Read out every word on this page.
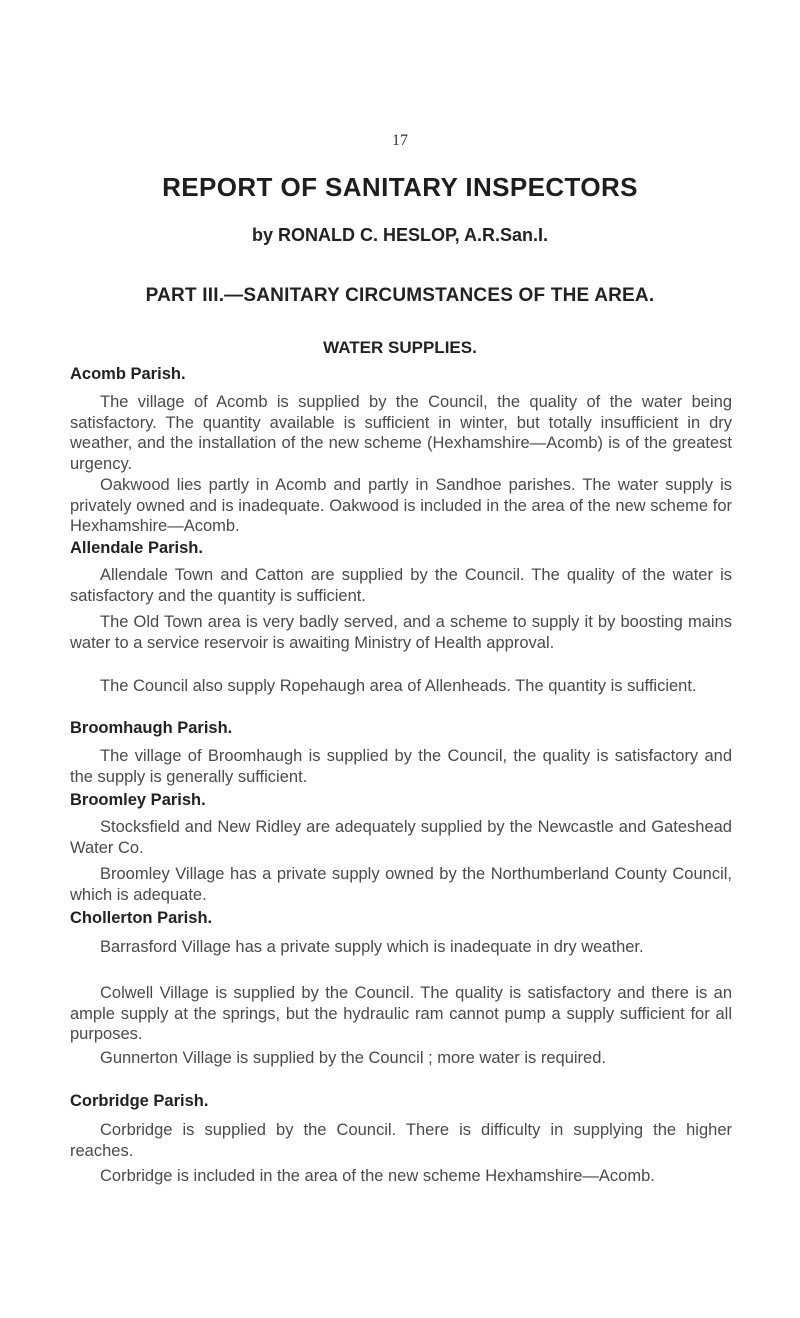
17
REPORT OF SANITARY INSPECTORS
by RONALD C. HESLOP, A.R.San.I.
PART III.—SANITARY CIRCUMSTANCES OF THE AREA.
WATER SUPPLIES.
Acomb Parish.
The village of Acomb is supplied by the Council, the quality of the water being satisfactory. The quantity available is sufficient in winter, but totally insufficient in dry weather, and the installation of the new scheme (Hexhamshire—Acomb) is of the greatest urgency.
Oakwood lies partly in Acomb and partly in Sandhoe parishes. The water supply is privately owned and is inadequate. Oakwood is included in the area of the new scheme for Hexhamshire—Acomb.
Allendale Parish.
Allendale Town and Catton are supplied by the Council. The quality of the water is satisfactory and the quantity is sufficient.
The Old Town area is very badly served, and a scheme to supply it by boosting mains water to a service reservoir is awaiting Ministry of Health approval.
The Council also supply Ropehaugh area of Allenheads. The quantity is sufficient.
Broomhaugh Parish.
The village of Broomhaugh is supplied by the Council, the quality is satisfactory and the supply is generally sufficient.
Broomley Parish.
Stocksfield and New Ridley are adequately supplied by the Newcastle and Gateshead Water Co.
Broomley Village has a private supply owned by the Northumberland County Council, which is adequate.
Chollerton Parish.
Barrasford Village has a private supply which is inadequate in dry weather.
Colwell Village is supplied by the Council. The quality is satisfactory and there is an ample supply at the springs, but the hydraulic ram cannot pump a supply sufficient for all purposes.
Gunnerton Village is supplied by the Council ; more water is required.
Corbridge Parish.
Corbridge is supplied by the Council. There is difficulty in supplying the higher reaches.
Corbridge is included in the area of the new scheme Hexhamshire—Acomb.
